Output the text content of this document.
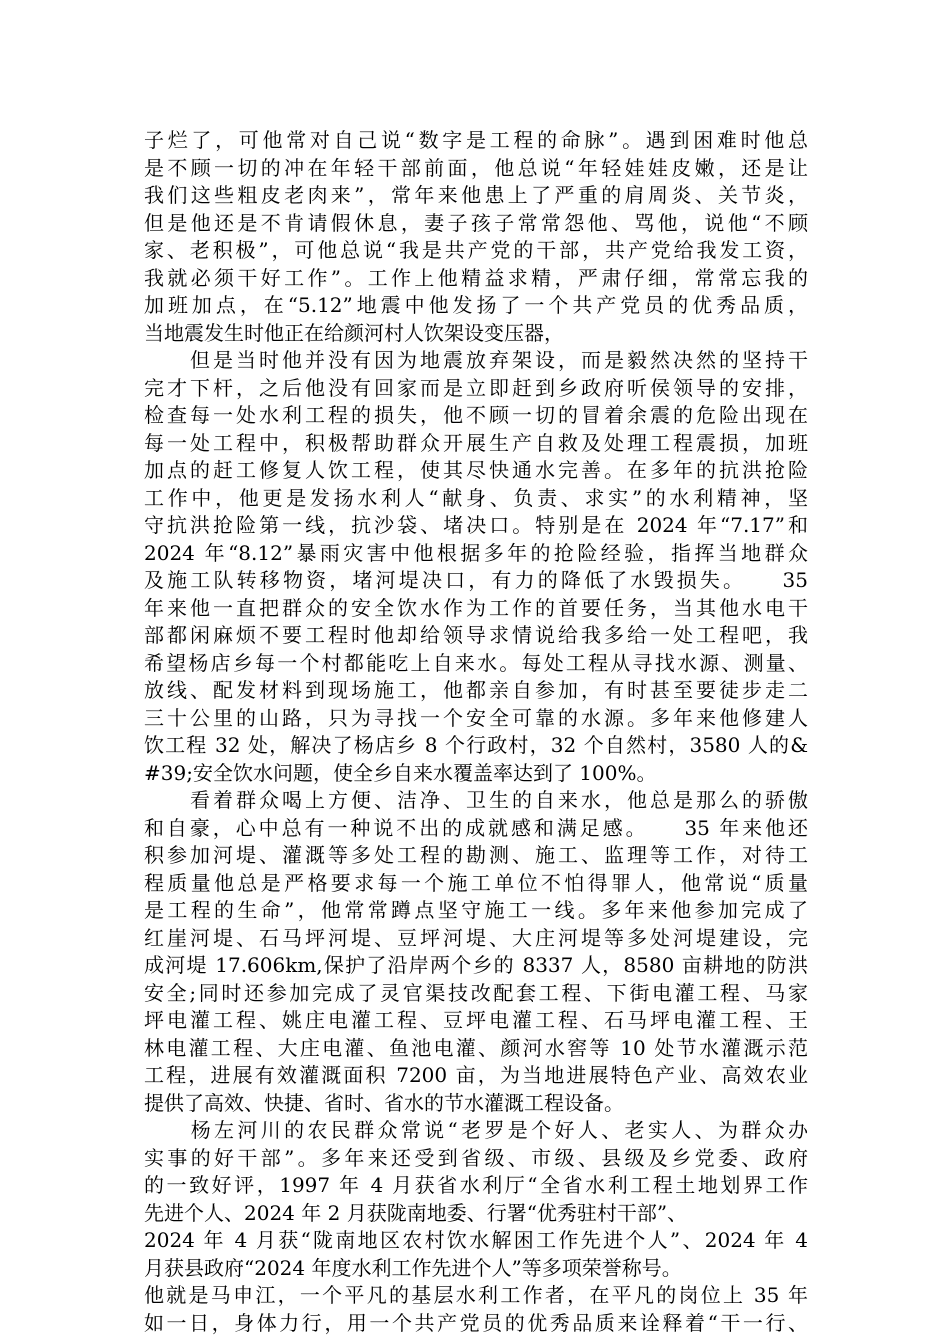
子烂了，可他常对自己说“数字是工程的命脉”。遇到困难时他总
是不顾一切的冲在年轻干部前面，他总说“年轻娃娃皮嫩，还是让
我们这些粗皮老肉来”，常年来他患上了严重的肩周炎、关节炎，
但是他还是不肯请假休息，妻子孩子常常怨他、骂他，说他“不顾
家、老积极”，可他总说“我是共产党的干部，共产党给我发工资，
我就必须干好工作”。工作上他精益求精，严肃仔细，常常忘我的
加班加点，在“5.12”地震中他发扬了一个共产党员的优秀品质，
当地震发生时他正在给颜河村人饮架设变压器，

　　但是当时他并没有因为地震放弃架设，而是毅然决然的坚持干
完才下杆，之后他没有回家而是立即赶到乡政府听侯领导的安排，
检查每一处水利工程的损失，他不顾一切的冒着余震的危险出现在
每一处工程中，积极帮助群众开展生产自救及处理工程震损，加班
加点的赶工修复人饮工程，使其尽快通水完善。在多年的抗洪抢险
工作中，他更是发扬水利人“献身、负责、求实”的水利精神，坚
守抗洪抢险第一线，抗沙袋、堵决口。特别是在 2024 年“7.17”和
2024 年“8.12”暴雨灾害中他根据多年的抢险经验，指挥当地群众
及施工队转移物资，堵河堤决口，有力的降低了水毁损失。　　35
年来他一直把群众的安全饮水作为工作的首要任务，当其他水电干
部都闲麻烦不要工程时他却给领导求情说给我多给一处工程吧，我
希望杨店乡每一个村都能吃上自来水。每处工程从寻找水源、测量、
放线、配发材料到现场施工，他都亲自参加，有时甚至要徒步走二
三十公里的山路，只为寻找一个安全可靠的水源。多年来他修建人
饮工程 32 处，解决了杨店乡 8 个行政村，32 个自然村，3580 人的&
#39;安全饮水问题，使全乡自来水覆盖率达到了 100%。

　　看着群众喝上方便、洁净、卫生的自来水，他总是那么的骄傲
和自豪，心中总有一种说不出的成就感和满足感。　　35 年来他还
积参加河堤、灌溉等多处工程的勘测、施工、监理等工作，对待工
程质量他总是严格要求每一个施工单位不怕得罪人，他常说“质量
是工程的生命”，他常常蹲点坚守施工一线。多年来他参加完成了
红崖河堤、石马坪河堤、豆坪河堤、大庄河堤等多处河堤建设，完
成河堤 17.606km,保护了沿岸两个乡的 8337 人，8580 亩耕地的防洪
安全;同时还参加完成了灵官渠技改配套工程、下街电灌工程、马家
坪电灌工程、姚庄电灌工程、豆坪电灌工程、石马坪电灌工程、王
林电灌工程、大庄电灌、鱼池电灌、颜河水窖等 10 处节水灌溉示范
工程，进展有效灌溉面积 7200 亩，为当地进展特色产业、高效农业
提供了高效、快捷、省时、省水的节水灌溉工程设备。

　　杨左河川的农民群众常说“老罗是个好人、老实人、为群众办
实事的好干部”。多年来还受到省级、市级、县级及乡党委、政府
的一致好评，1997 年 4 月获省水利厅“全省水利工程土地划界工作
先进个人、2024 年 2 月获陇南地委、行署“优秀驻村干部”、
2024 年 4 月获“陇南地区农村饮水解困工作先进个人”、2024 年 4
月获县政府“2024 年度水利工作先进个人”等多项荣誉称号。
他就是马申江，一个平凡的基层水利工作者，在平凡的岗位上 35 年
如一日，身体力行，用一个共产党员的优秀品质来诠释着“干一行、
